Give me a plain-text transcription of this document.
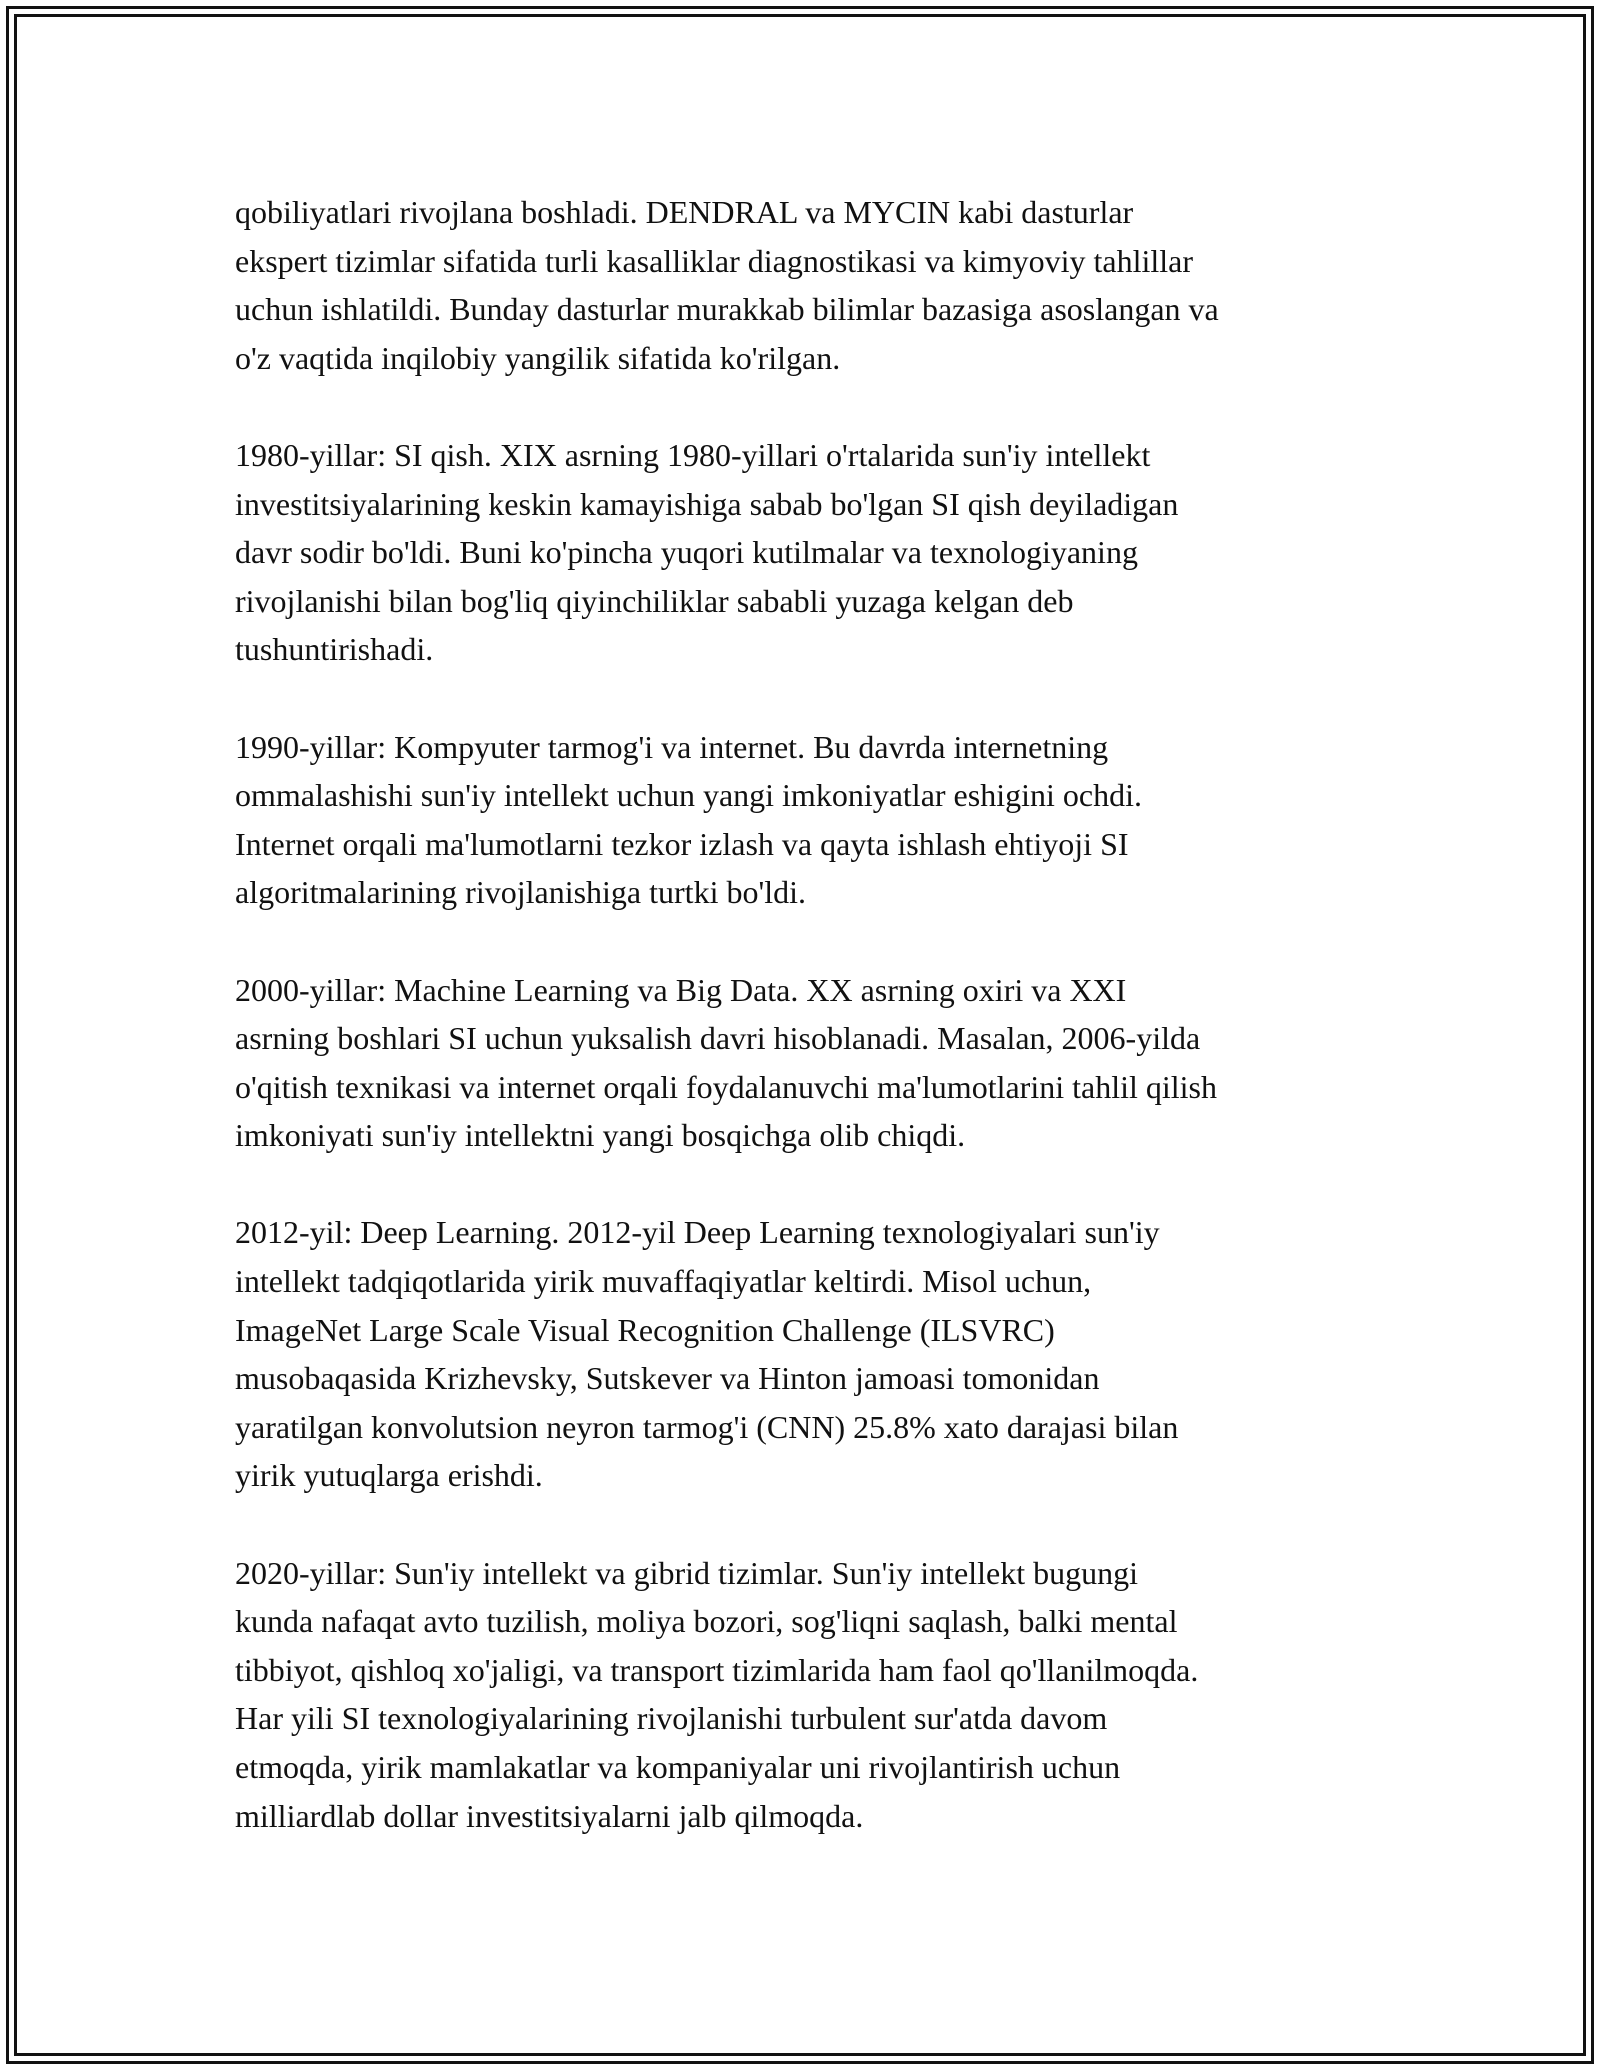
qobiliyatlari rivojlana boshladi. DENDRAL va MYCIN kabi dasturlar
ekspert tizimlar sifatida turli kasalliklar diagnostikasi va kimyoviy tahlillar
uchun ishlatildi. Bunday dasturlar murakkab bilimlar bazasiga asoslangan va
o'z vaqtida inqilobiy yangilik sifatida ko'rilgan.

1980-yillar: SI qish. XIX asrning 1980-yillari o'rtalarida sun'iy intellekt
investitsiyalarining keskin kamayishiga sabab bo'lgan SI qish deyiladigan
davr sodir bo'ldi. Buni ko'pincha yuqori kutilmalar va texnologiyaning
rivojlanishi bilan bog'liq qiyinchiliklar sababli yuzaga kelgan deb
tushuntirishadi.

1990-yillar: Kompyuter tarmog'i va internet. Bu davrda internetning
ommalashishi sun'iy intellekt uchun yangi imkoniyatlar eshigini ochdi.
Internet orqali ma'lumotlarni tezkor izlash va qayta ishlash ehtiyoji SI
algoritmalarining rivojlanishiga turtki bo'ldi.

2000-yillar: Machine Learning va Big Data. XX asrning oxiri va XXI
asrning boshlari SI uchun yuksalish davri hisoblanadi. Masalan, 2006-yilda
o'qitish texnikasi va internet orqali foydalanuvchi ma'lumotlarini tahlil qilish
imkoniyati sun'iy intellektni yangi bosqichga olib chiqdi.

2012-yil: Deep Learning. 2012-yil Deep Learning texnologiyalari sun'iy
intellekt tadqiqotlarida yirik muvaffaqiyatlar keltirdi. Misol uchun,
ImageNet Large Scale Visual Recognition Challenge (ILSVRC)
musobaqasida Krizhevsky, Sutskever va Hinton jamoasi tomonidan
yaratilgan konvolutsion neyron tarmog'i (CNN) 25.8% xato darajasi bilan
yirik yutuqlarga erishdi.

2020-yillar: Sun'iy intellekt va gibrid tizimlar. Sun'iy intellekt bugungi
kunda nafaqat avto tuzilish, moliya bozori, sog'liqni saqlash, balki mental
tibbiyot, qishloq xo'jaligi, va transport tizimlarida ham faol qo'llanilmoqda.
Har yili SI texnologiyalarining rivojlanishi turbulent sur'atda davom
etmoqda, yirik mamlakatlar va kompaniyalar uni rivojlantirish uchun
milliardlab dollar investitsiyalarni jalb qilmoqda.
